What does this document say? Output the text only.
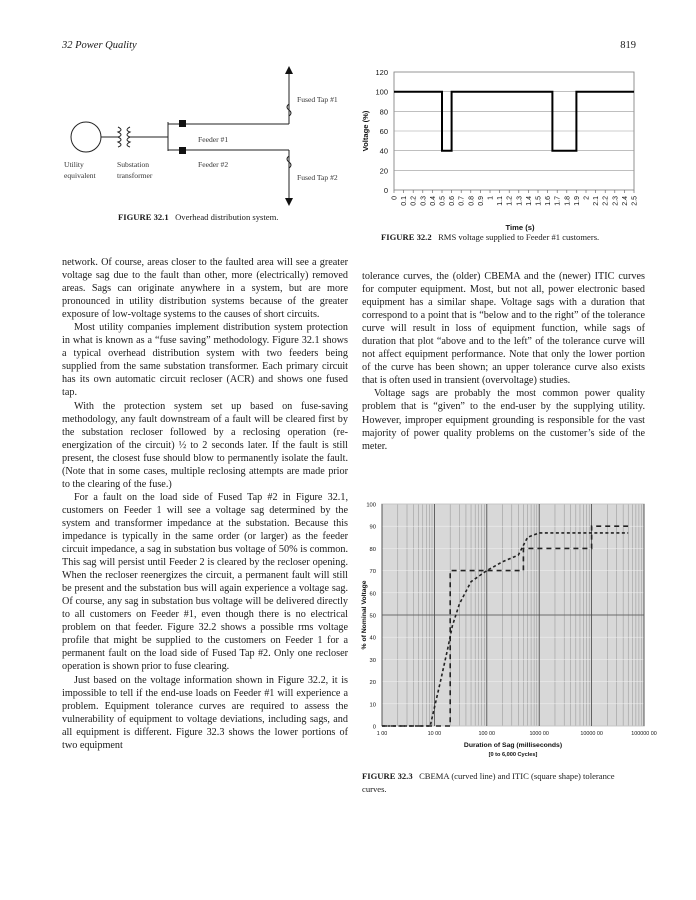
32 Power Quality	819
Fused Tap #1
Fused Tap #2
Feeder #1
Feeder #2
Utility
equivalent
Substation
transformer
FIGURE 32.1 Overhead distribution system.
0
20
40
60
80
100
120
0 0.1 0.2 0.3 0.4 0.5 0.6 0.7 0.8 0.9 1 1.1 1.2 1.3 1.4 1.5 1.6 1.7 1.8 1.9 2 2.1 2.2 2.3 2.4 2.5
Time (s)
Voltage (%)
FIGURE 32.2 RMS voltage supplied to Feeder #1 customers.

network. Of course, areas closer to the faulted area will see a greater voltage sag due to the fault than other, more (electrically) removed areas. Sags can originate anywhere in a system, but are more pronounced in utility distribution systems because of the greater exposure of low-voltage systems to the causes of short circuits.

Most utility companies implement distribution system protection in what is known as a “fuse saving” methodology. Figure 32.1 shows a typical overhead distribution system with two feeders being supplied from the same substation transformer. Each primary circuit has its own automatic circuit recloser (ACR) and shows one fused tap.

With the protection system set up based on fuse-saving methodology, any fault downstream of a fault will be cleared first by the substation recloser followed by a reclosing operation (re-energization of the circuit) ½ to 2 seconds later. If the fault is still present, the closest fuse should blow to permanently isolate the fault. (Note that in some cases, multiple reclosing attempts are made prior to the clearing of the fuse.)

For a fault on the load side of Fused Tap #2 in Figure 32.1, customers on Feeder 1 will see a voltage sag determined by the system and transformer impedance at the substation. Because this impedance is typically in the same order (or larger) as the feeder circuit impedance, a sag in substation bus voltage of 50% is common. This sag will persist until Feeder 2 is cleared by the recloser opening. When the recloser reenergizes the circuit, a permanent fault will still be present and the substation bus will again experience a voltage sag. Of course, any sag in substation bus voltage will be delivered directly to all customers on Feeder #1, even though there is no electrical problem on that feeder. Figure 32.2 shows a possible rms voltage profile that might be supplied to the customers on Feeder 1 for a permanent fault on the load side of Fused Tap #2. Only one recloser operation is shown prior to fuse clearing.

Just based on the voltage information shown in Figure 32.2, it is impossible to tell if the end-use loads on Feeder #1 will experience a problem. Equipment tolerance curves are required to assess the vulnerability of equipment to voltage deviations, including sags, and all equipment is different. Figure 32.3 shows the lower portions of two equipment

tolerance curves, the (older) CBEMA and the (newer) ITIC curves for computer equipment. Most, but not all, power electronic based equipment has a similar shape. Voltage sags with a duration that correspond to a point that is “below and to the right” of the tolerance curve will result in loss of equipment function, while sags of duration that plot “above and to the left” of the tolerance curve will not affect equipment performance. Note that only the lower portion of the curve has been shown; an upper tolerance curve also exists that is often used in transient (overvoltage) studies.

Voltage sags are probably the most common power quality problem that is “given” to the end-user by the supplying utility. However, improper equipment grounding is responsible for the vast majority of power quality problems on the customer’s side of the meter.

0
10
20
30
40
50
60
70
80
90
100
1 00	10 00	100 00	1000 00	10000 00	100000 00
Duration of Sag (milliseconds)
[0 to 6,000 Cycles]
% of Nominal Voltage
FIGURE 32.3 CBEMA (curved line) and ITIC (square shape) tolerance
curves.
